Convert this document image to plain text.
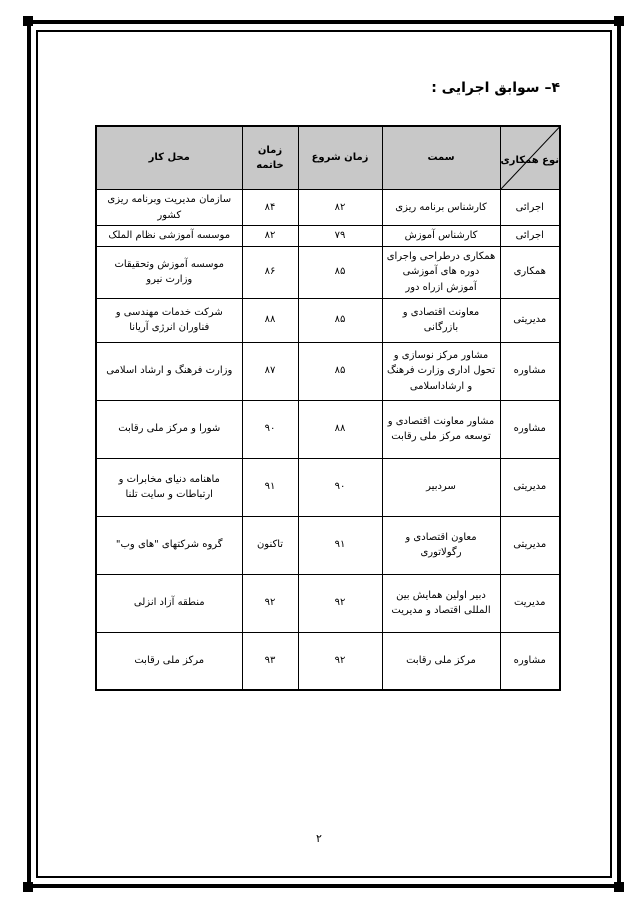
۴– سوابق اجرایی :
نوع همکاری	سمت	زمان شروع	زمان خاتمه	محل کار
اجرائی	کارشناس برنامه ریزی	۸۲	۸۴	سازمان مدیریت وبرنامه ریزی کشور
اجرائی	کارشناس آموزش	۷۹	۸۲	موسسه آموزشی نظام الملک
همکاری	همکاری درطراحی واجرای دوره های آموزشی آموزش ازراه دور	۸۵	۸۶	موسسه آموزش وتحقیقات وزارت نیرو
مدیریتی	معاونت اقتصادی و بازرگانی	۸۵	۸۸	شرکت خدمات مهندسی و فناوران انرژی آریانا
مشاوره	مشاور مرکز نوسازی و تحول اداری وزارت فرهنگ و ارشاداسلامی	۸۵	۸۷	وزارت فرهنگ و ارشاد اسلامی
مشاوره	مشاور معاونت اقتصادی و توسعه مرکز ملی رقابت	۸۸	۹۰	شورا و مرکز ملی رقابت
مدیریتی	سردبیر	۹۰	۹۱	ماهنامه دنیای مخابرات و ارتباطات و سایت تلنا
مدیریتی	معاون اقتصادی و رگولاتوری	۹۱	تاکنون	گروه شرکتهای "های وب"
مدیریت	دبیر اولین همایش بین المللی اقتصاد و مدیریت	۹۲	۹۲	منطقه آزاد انزلی
مشاوره	مرکز ملی رقابت	۹۲	۹۳	مرکز ملی رقابت

۲
